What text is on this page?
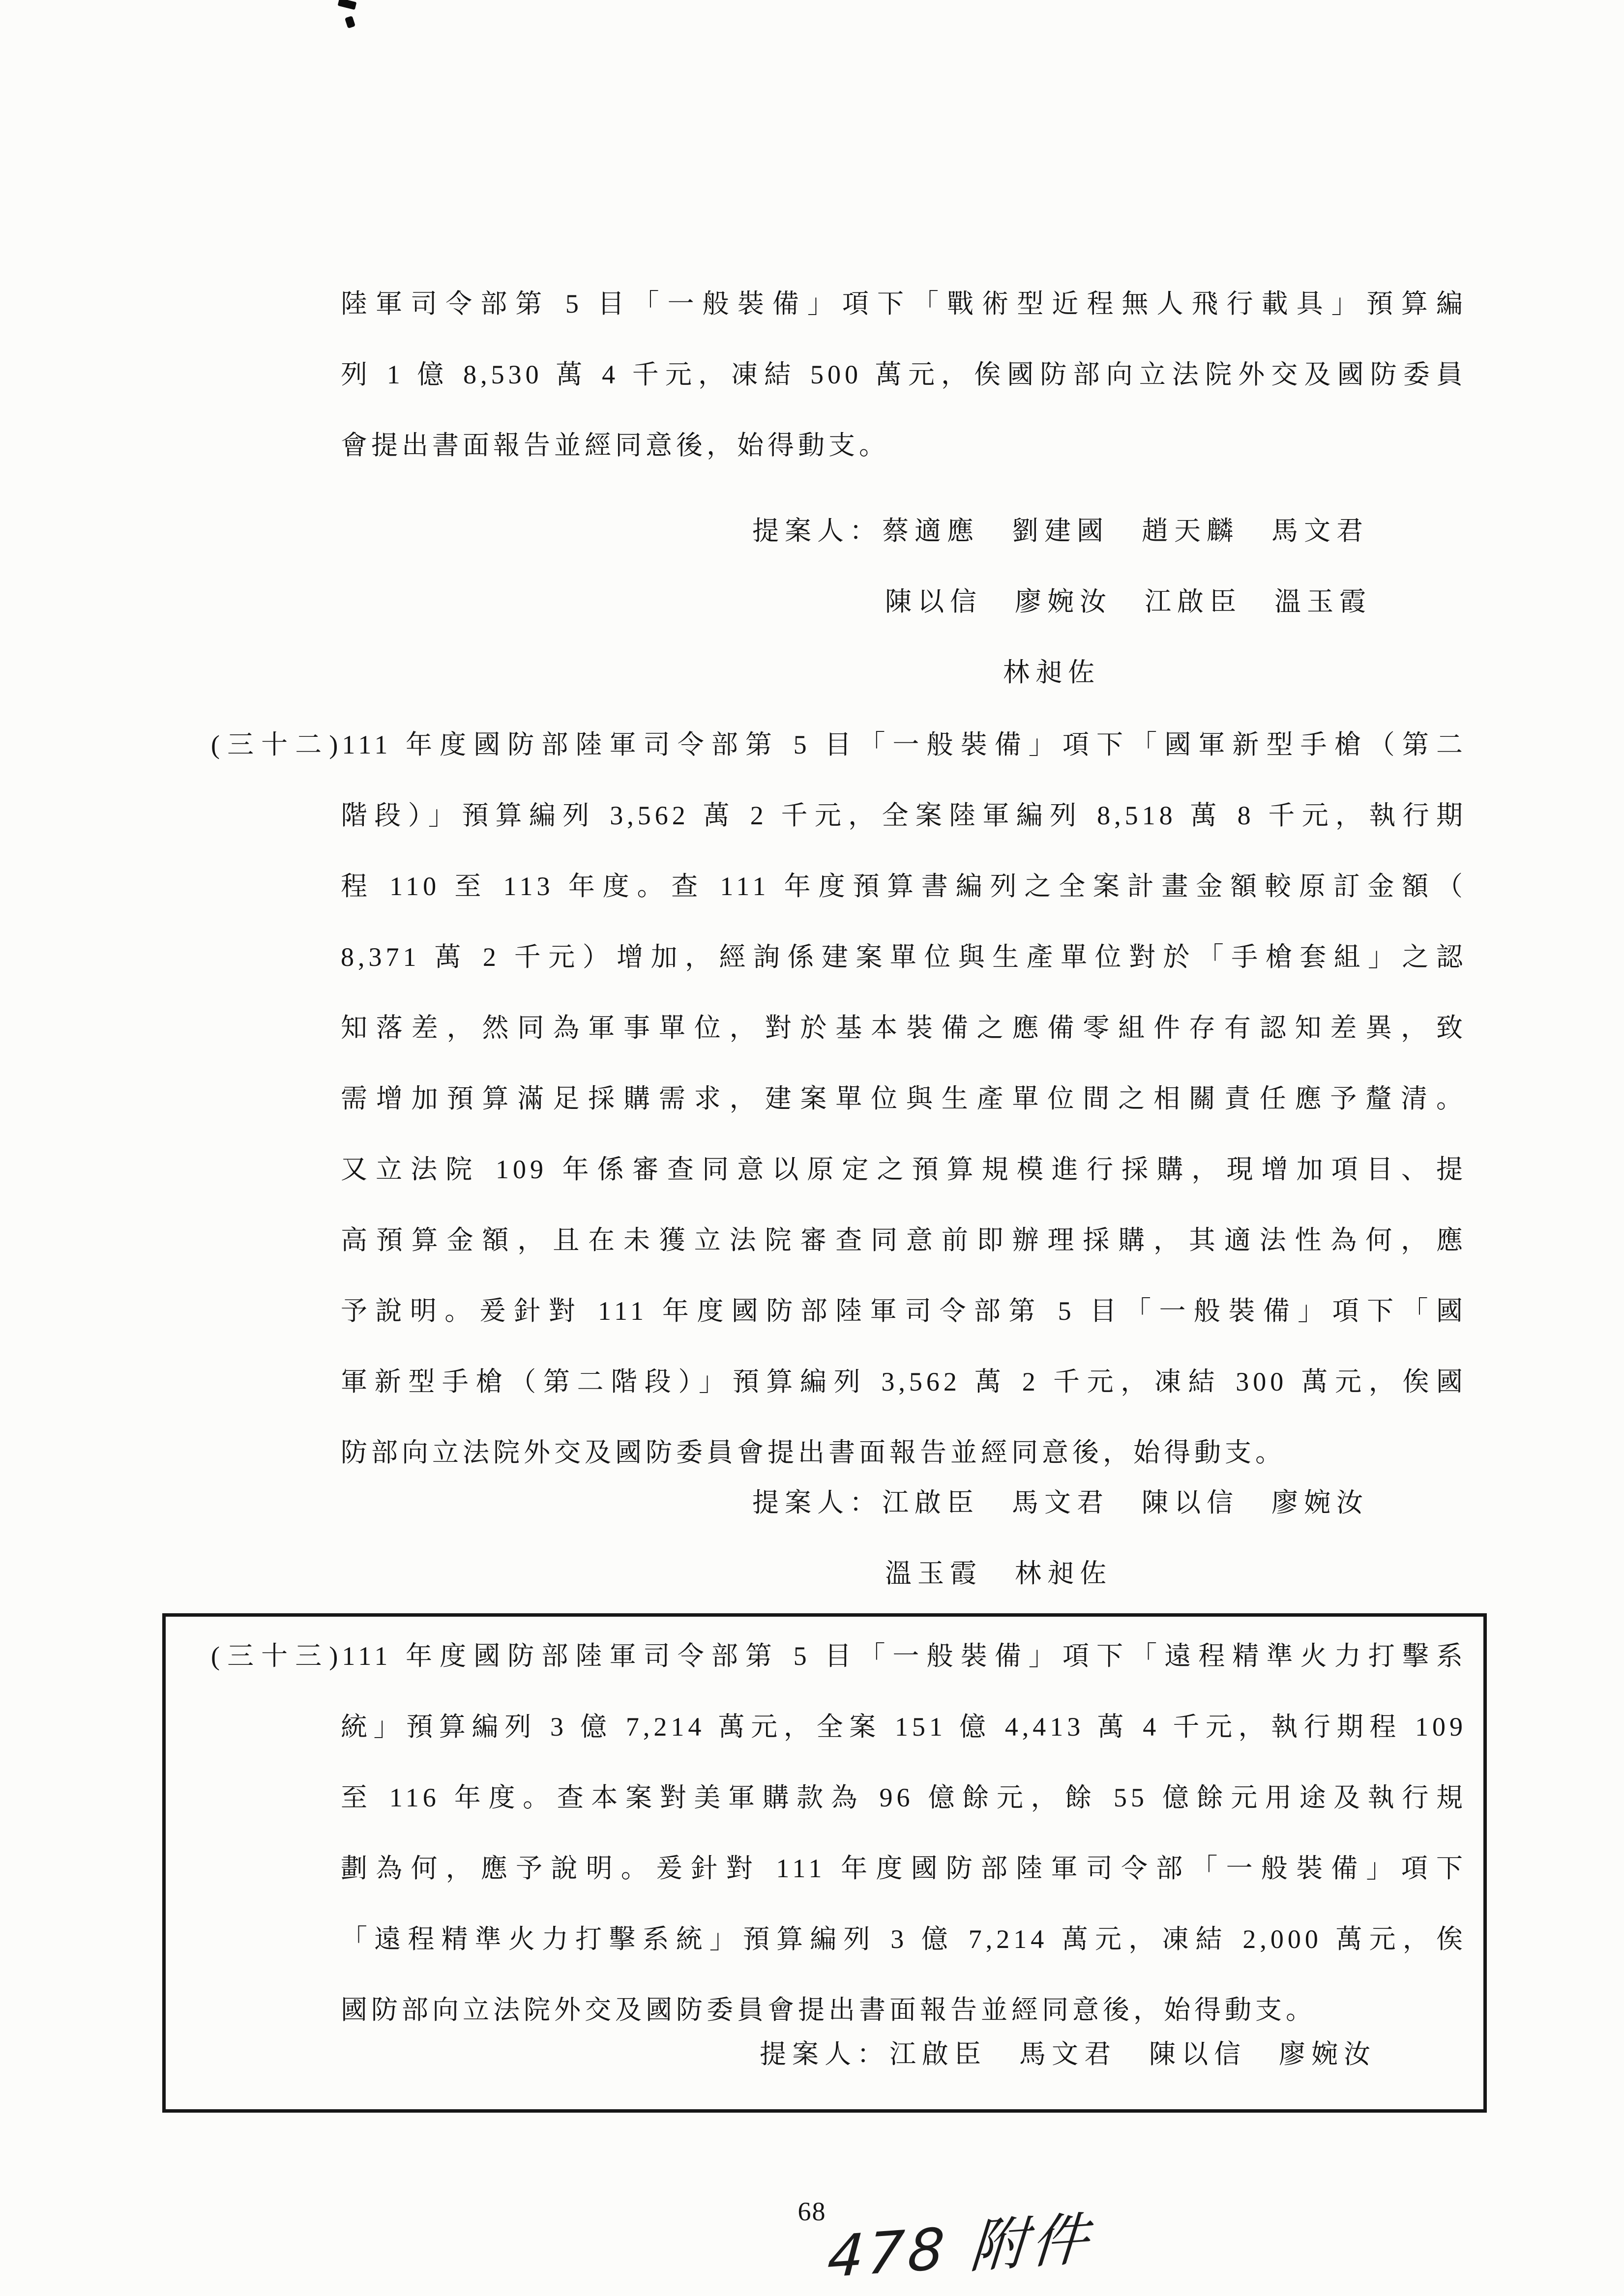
陸軍司令部第 5 目「一般裝備」項下「戰術型近程無人飛行載具」預算編
列 1 億 8,530 萬 4 千元，凍結 500 萬元，俟國防部向立法院外交及國防委員
會提出書面報告並經同意後，始得動支。
提案人：蔡適應　劉建國　趙天麟　馬文君
陳以信　廖婉汝　江啟臣　溫玉霞
林昶佐
(三十二)111 年度國防部陸軍司令部第 5 目「一般裝備」項下「國軍新型手槍（第二
階段）」預算編列 3,562 萬 2 千元，全案陸軍編列 8,518 萬 8 千元，執行期
程 110 至 113 年度。查 111 年度預算書編列之全案計畫金額較原訂金額（
8,371 萬 2 千元）增加，經詢係建案單位與生產單位對於「手槍套組」之認
知落差，然同為軍事單位，對於基本裝備之應備零組件存有認知差異，致
需增加預算滿足採購需求，建案單位與生產單位間之相關責任應予釐清。
又立法院 109 年係審查同意以原定之預算規模進行採購，現增加項目、提
高預算金額，且在未獲立法院審查同意前即辦理採購，其適法性為何，應
予說明。爰針對 111 年度國防部陸軍司令部第 5 目「一般裝備」項下「國
軍新型手槍（第二階段）」預算編列 3,562 萬 2 千元，凍結 300 萬元，俟國
防部向立法院外交及國防委員會提出書面報告並經同意後，始得動支。
提案人：江啟臣　馬文君　陳以信　廖婉汝
溫玉霞　林昶佐
(三十三)111 年度國防部陸軍司令部第 5 目「一般裝備」項下「遠程精準火力打擊系
統」預算編列 3 億 7,214 萬元，全案 151 億 4,413 萬 4 千元，執行期程 109
至 116 年度。查本案對美軍購款為 96 億餘元，餘 55 億餘元用途及執行規
劃為何，應予說明。爰針對 111 年度國防部陸軍司令部「一般裝備」項下
「遠程精準火力打擊系統」預算編列 3 億 7,214 萬元，凍結 2,000 萬元，俟
國防部向立法院外交及國防委員會提出書面報告並經同意後，始得動支。
提案人：江啟臣　馬文君　陳以信　廖婉汝
68
478 附件
